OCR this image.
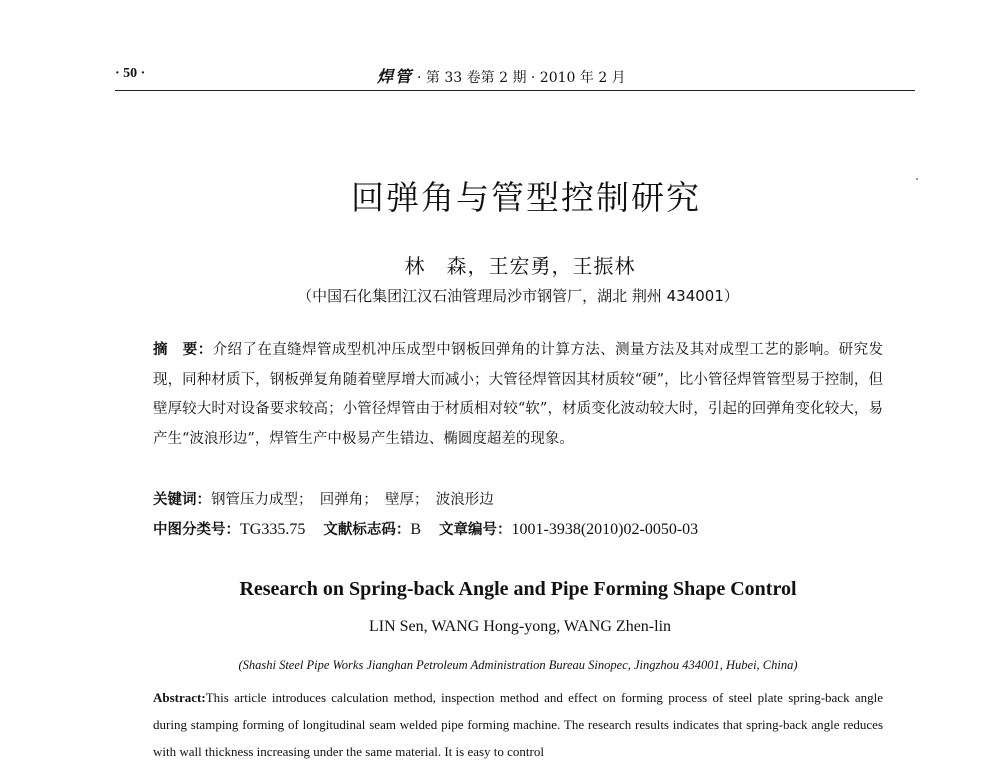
· 50 ·	焊管 · 第 33 卷第 2 期 · 2010 年 2 月
回弹角与管型控制研究
林　森，王宏勇，王振林
（中国石化集团江汉石油管理局沙市钢管厂，湖北 荆州 434001）
摘　要：介绍了在直缝焊管成型机冲压成型中钢板回弹角的计算方法、测量方法及其对成型工艺的影响。研究发现，同种材质下，钢板弹复角随着壁厚增大而减小；大管径焊管因其材质较“硬”，比小管径焊管管型易于控制，但壁厚较大时对设备要求较高；小管径焊管由于材质相对较“软”，材质变化波动较大时，引起的回弹角变化较大，易产生“波浪形边”，焊管生产中极易产生错边、椭圆度超差的现象。
关键词：钢管压力成型；　回弹角；　壁厚；　波浪形边
中图分类号：TG335.75 文献标志码：B 文章编号：1001-3938(2010)02-0050-03
Research on Spring-back Angle and Pipe Forming Shape Control
LIN Sen, WANG Hong-yong, WANG Zhen-lin
(Shashi Steel Pipe Works Jianghan Petroleum Administration Bureau Sinopec, Jingzhou 434001, Hubei, China)
Abstract:This article introduces calculation method, inspection method and effect on forming process of steel plate spring-back angle during stamping forming of longitudinal seam welded pipe forming machine. The research results indicates that spring-back angle reduces with wall thickness increasing under the same material. It is easy to control
